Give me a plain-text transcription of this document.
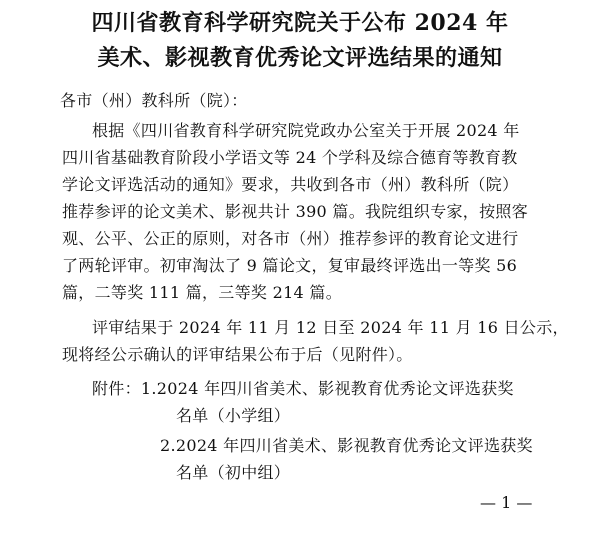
四川省教育科学研究院关于公布 2024 年
美术、影视教育优秀论文评选结果的通知
各市（州）教科所（院）：
根据《四川省教育科学研究院党政办公室关于开展 2024 年
四川省基础教育阶段小学语文等 24 个学科及综合德育等教育教
学论文评选活动的通知》要求，共收到各市（州）教科所（院）
推荐参评的论文美术、影视共计 390 篇。我院组织专家，按照客
观、公平、公正的原则，对各市（州）推荐参评的教育论文进行
了两轮评审。初审淘汰了 9 篇论文，复审最终评选出一等奖 56
篇，二等奖 111 篇，三等奖 214 篇。
评审结果于 2024 年 11 月 12 日至 2024 年 11 月 16 日公示，
现将经公示确认的评审结果公布于后（见附件）。
附件：1.2024 年四川省美术、影视教育优秀论文评选获奖
名单（小学组）
2.2024 年四川省美术、影视教育优秀论文评选获奖
名单（初中组）
— 1 —
